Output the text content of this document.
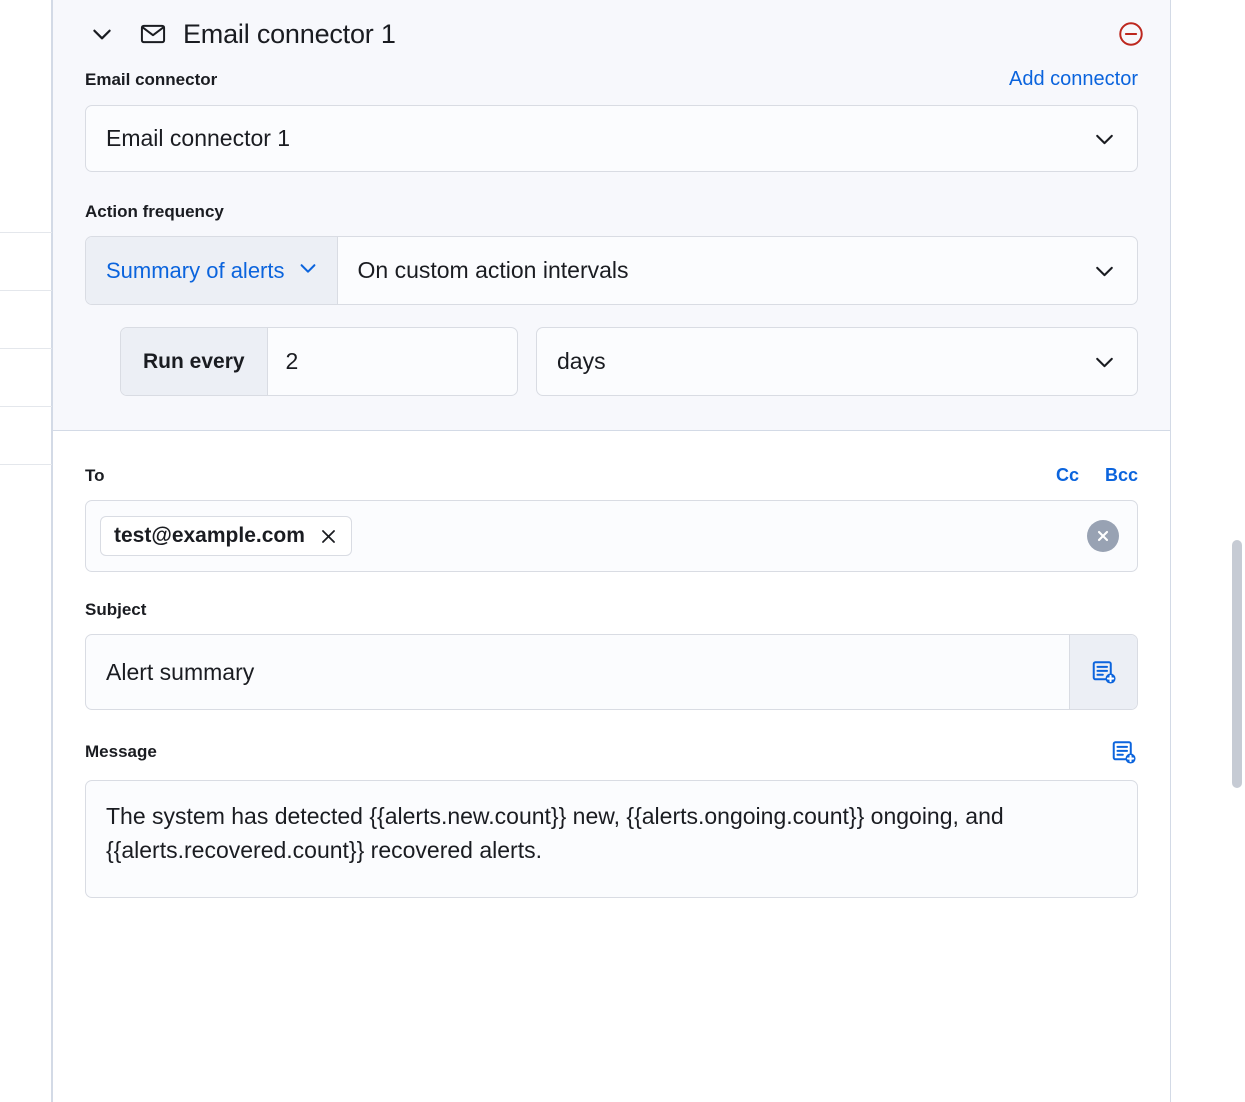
Email connector 1
Email connector	Add connector
Email connector 1
Action frequency
Summary of alerts	On custom action intervals
Run every
2	days
To	Cc Bcc
test@example.com
Subject
Alert summary
Message
The system has detected {{alerts.new.count}} new, {{alerts.ongoing.count}} ongoing, and {{alerts.recovered.count}} recovered alerts.
